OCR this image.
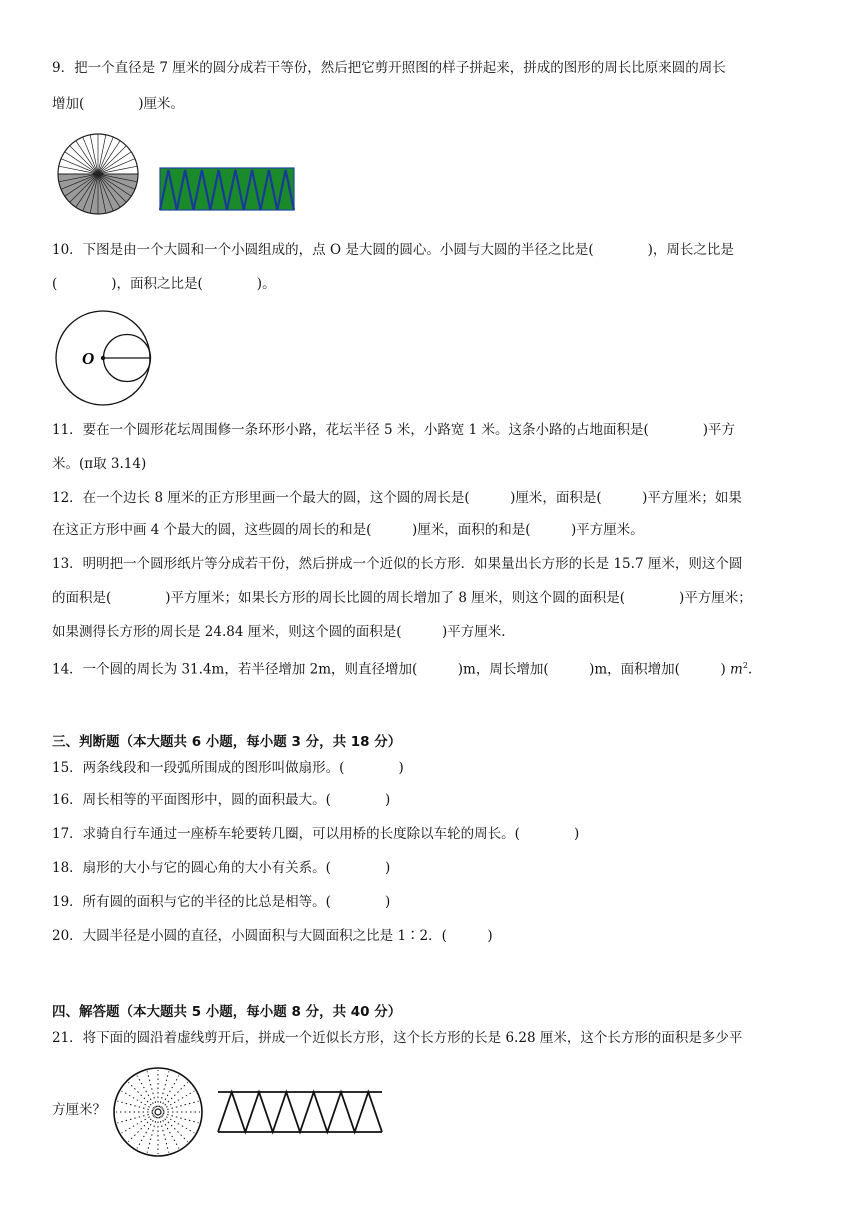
9．把一个直径是 7 厘米的圆分成若干等份，然后把它剪开照图的样子拼起来，拼成的图形的周长比原来圆的周长
增加(　　　　)厘米。
10．下图是由一个大圆和一个小圆组成的，点 O 是大圆的圆心。小圆与大圆的半径之比是(　　　　)，周长之比是
(　　　　)，面积之比是(　　　　)。
O
11．要在一个圆形花坛周围修一条环形小路，花坛半径 5 米，小路宽 1 米。这条小路的占地面积是(　　　　)平方
米。(π取 3.14)
12．在一个边长 8 厘米的正方形里画一个最大的圆，这个圆的周长是(　　　)厘米，面积是(　　　)平方厘米；如果
在这正方形中画 4 个最大的圆，这些圆的周长的和是(　　　)厘米，面积的和是(　　　)平方厘米。
13．明明把一个圆形纸片等分成若干份，然后拼成一个近似的长方形．如果量出长方形的长是 15.7 厘米，则这个圆
的面积是(　　　　)平方厘米；如果长方形的周长比圆的周长增加了 8 厘米，则这个圆的面积是(　　　　)平方厘米；
如果测得长方形的周长是 24.84 厘米，则这个圆的面积是(　　　)平方厘米.
14．一个圆的周长为 31.4m，若半径增加 2m，则直径增加(　　　)m，周长增加(　　　)m，面积增加(　　　) $m^2$.
三、判断题（本大题共 6 小题，每小题 3 分，共 18 分）
15．两条线段和一段弧所围成的图形叫做扇形。(　　　　)
16．周长相等的平面图形中，圆的面积最大。(　　　　)
17．求骑自行车通过一座桥车轮要转几圈，可以用桥的长度除以车轮的周长。(　　　　)
18．扇形的大小与它的圆心角的大小有关系。(　　　　)
19．所有圆的面积与它的半径的比总是相等。(　　　　)
20．大圆半径是小圆的直径，小圆面积与大圆面积之比是 1∶2．(　　　)
四、解答题（本大题共 5 小题，每小题 8 分，共 40 分）
21．将下面的圆沿着虚线剪开后，拼成一个近似长方形，这个长方形的长是 6.28 厘米，这个长方形的面积是多少平
方厘米？
